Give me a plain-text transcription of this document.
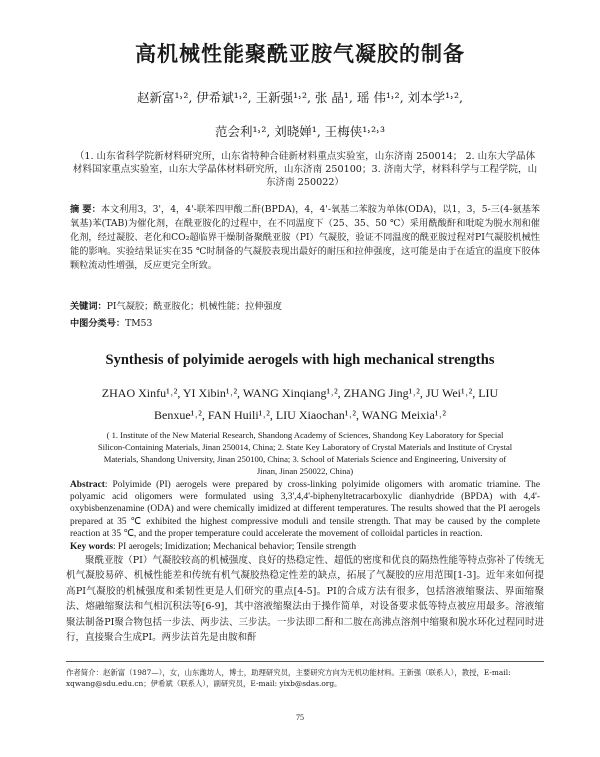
高机械性能聚酰亚胺气凝胶的制备
赵新富¹˒², 伊希斌¹˒², 王新强¹˒², 张 晶¹, 瑶 伟¹˒², 刘本学¹˒²,
范会利¹˒², 刘晓婵¹, 王梅侠¹˒²˒³
（1. 山东省科学院新材料研究所，山东省特种合硅新材料重点实验室，山东济南 250014； 2. 山东大学晶体材料国家重点实验室，山东大学晶体材料研究所，山东济南 250100；3. 济南大学，材料科学与工程学院，山东济南 250022）
摘 要：本文利用3，3'，4，4'-联苯四甲酸二酐(BPDA)，4，4'-氧基二苯胺为单体(ODA)，以1，3，5-三(4-氨基苯氧基)苯(TAB)为催化剂，在酰亚胺化的过程中，在不同温度下（25、35、50 ℃）采用酰酸酐和吡啶为脱水剂和催化剂，经过凝胶、老化和CO₂超临界干燥制备聚酰亚胺（PI）气凝胶，验证不同温度的酰亚胺过程对PI气凝胶机械性能的影响。实验结果证实在35 ℃时制备的气凝胶表现出最好的耐压和拉伸强度，这可能是由于在适宜的温度下胶体颗粒流动性增强，反应更完全所致。
关键词：PI气凝胶；酰亚胺化；机械性能；拉伸强度
中图分类号：TM53
Synthesis of polyimide aerogels with high mechanical strengths
ZHAO Xinfu¹˒², YI Xibin¹˒², WANG Xinqiang¹˒², ZHANG Jing¹˒², JU Wei¹˒², LIU
Benxue¹˒², FAN Huili¹˒², LIU Xiaochan¹˒², WANG Meixia¹˒²
( 1. Institute of the New Material Research, Shandong Academy of Sciences, Shandong Key Laboratory for Special Silicon-Containing Materials, Jinan 250014, China; 2. State Key Laboratory of Crystal Materials and Institute of Crystal Materials, Shandong University, Jinan 250100, China; 3. School of Materials Science and Engineering, University of Jinan, Jinan 250022, China)
Abstract: Polyimide (PI) aerogels were prepared by cross-linking polyimide oligomers with aromatic triamine. The polyamic acid oligomers were formulated using 3,3',4,4'-biphenyltetracarboxylic dianhydride (BPDA) with 4,4'-oxybisbenzenamine (ODA) and were chemically imidized at different temperatures. The results showed that the PI aerogels prepared at 35 ℃ exhibited the highest compressive moduli and tensile strength. That may be caused by the complete reaction at 35 ℃, and the proper temperature could accelerate the movement of colloidal particles in reaction.
Key words: PI aerogels; Imidization; Mechanical behavior; Tensile strength
聚酰亚胺（PI）气凝胶较高的机械强度、良好的热稳定性、超低的密度和优良的隔热性能等特点弥补了传统无机气凝胶易碎、机械性能差和传统有机气凝胶热稳定性差的缺点，拓展了气凝胶的应用范围[1-3]。近年来如何提高PI气凝胶的机械强度和柔韧性更是人们研究的重点[4-5]。PI的合成方法有很多，包括溶液缩聚法、界面缩聚法、熔融缩聚法和气相沉积法等[6-9]，其中溶液缩聚法由于操作简单，对设备要求低等特点被应用最多。溶液缩聚法制备PI聚合物包括一步法、两步法、三步法。一步法即二酐和二胺在高沸点溶剂中缩聚和脱水环化过程同时进行，直接聚合生成PI。两步法首先是由胺和酐
作者简介：赵新富（1987—），女，山东潍坊人，博士，助理研究员，主要研究方向为无机功能材料。王新强（联系人），教授，E-mail: xqwang@sdu.edu.cn；伊希斌（联系人），副研究员，E-mail: yixb@sdas.org。
75
